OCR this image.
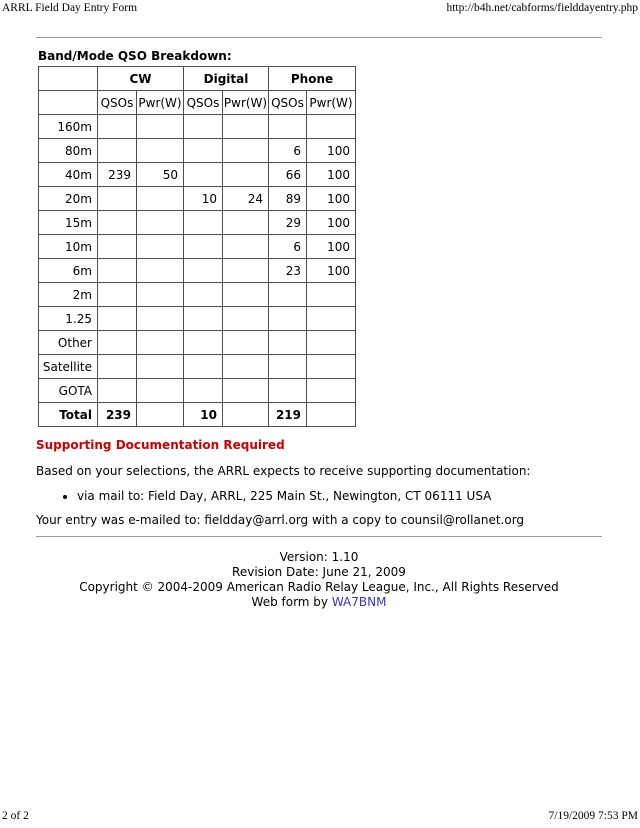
ARRL Field Day Entry Form	http://b4h.net/cabforms/fielddayentry.php
Band/Mode QSO Breakdown:
	CW		Digital		Phone	
	QSOs	Pwr(W)	QSOs	Pwr(W)	QSOs	Pwr(W)
160m						
80m					6	100
40m	239	50			66	100
20m			10	24	89	100
15m					29	100
10m					6	100
6m					23	100
2m						
1.25						
Other						
Satellite						
GOTA						
Total	239		10		219	
Supporting Documentation Required

Based on your selections, the ARRL expects to receive supporting documentation:

• via mail to: Field Day, ARRL, 225 Main St., Newington, CT 06111 USA

Your entry was e-mailed to: fieldday@arrl.org with a copy to counsil@rollanet.org

Version: 1.10
Revision Date: June 21, 2009
Copyright © 2004-2009 American Radio Relay League, Inc., All Rights Reserved
Web form by WA7BNM
2 of 2	7/19/2009 7:53 PM
